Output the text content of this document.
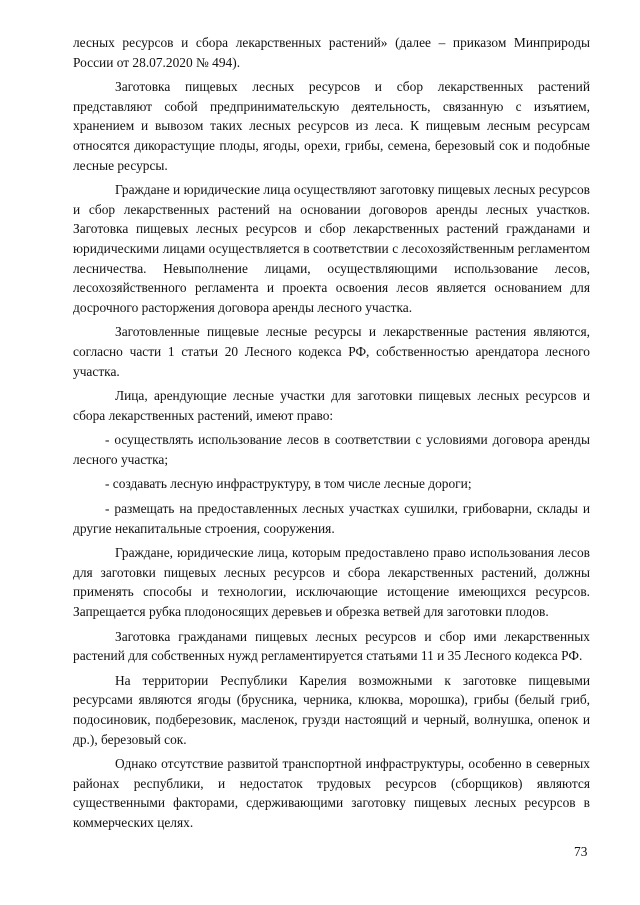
лесных ресурсов и сбора лекарственных растений» (далее – приказом Минприроды России от 28.07.2020 № 494).

Заготовка пищевых лесных ресурсов и сбор лекарственных растений представляют собой предпринимательскую деятельность, связанную с изъятием, хранением и вывозом таких лесных ресурсов из леса. К пищевым лесным ресурсам относятся дикорастущие плоды, ягоды, орехи, грибы, семена, березовый сок и подобные лесные ресурсы.

Граждане и юридические лица осуществляют заготовку пищевых лесных ресурсов и сбор лекарственных растений на основании договоров аренды лесных участков. Заготовка пищевых лесных ресурсов и сбор лекарственных растений гражданами и юридическими лицами осуществляется в соответствии с лесохозяйственным регламентом лесничества. Невыполнение лицами, осуществляющими использование лесов, лесохозяйственного регламента и проекта освоения лесов является основанием для досрочного расторжения договора аренды лесного участка.

Заготовленные пищевые лесные ресурсы и лекарственные растения являются, согласно части 1 статьи 20 Лесного кодекса РФ, собственностью арендатора лесного участка.

Лица, арендующие лесные участки для заготовки пищевых лесных ресурсов и сбора лекарственных растений, имеют право:

- осуществлять использование лесов в соответствии с условиями договора аренды лесного участка;

- создавать лесную инфраструктуру, в том числе лесные дороги;

- размещать на предоставленных лесных участках сушилки, грибоварни, склады и другие некапитальные строения, сооружения.

Граждане, юридические лица, которым предоставлено право использования лесов для заготовки пищевых лесных ресурсов и сбора лекарственных растений, должны применять способы и технологии, исключающие истощение имеющихся ресурсов. Запрещается рубка плодоносящих деревьев и обрезка ветвей для заготовки плодов.

Заготовка гражданами пищевых лесных ресурсов и сбор ими лекарственных растений для собственных нужд регламентируется статьями 11 и 35 Лесного кодекса РФ.

На территории Республики Карелия возможными к заготовке пищевыми ресурсами являются ягоды (брусника, черника, клюква, морошка), грибы (белый гриб, подосиновик, подберезовик, масленок, грузди настоящий и черный, волнушка, опенок и др.), березовый сок.

Однако отсутствие развитой транспортной инфраструктуры, особенно в северных районах республики, и недостаток трудовых ресурсов (сборщиков) являются существенными факторами, сдерживающими заготовку пищевых лесных ресурсов в коммерческих целях.

73
